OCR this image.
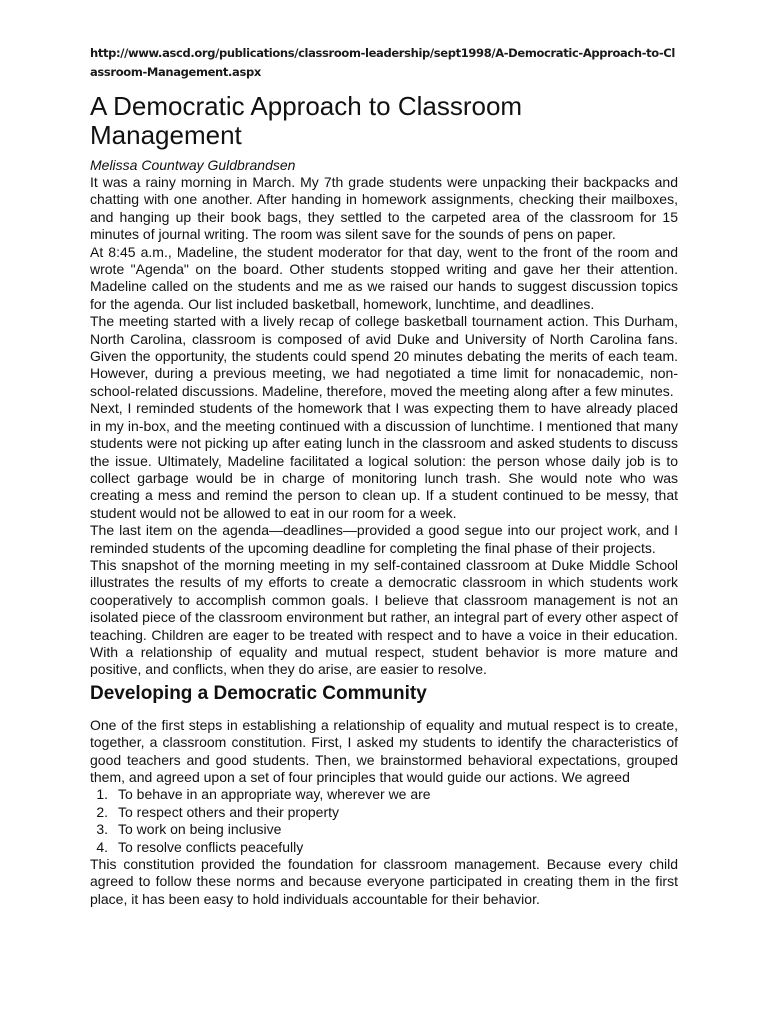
http://www.ascd.org/publications/classroom-leadership/sept1998/A-Democratic-Approach-to-Classroom-Management.aspx

A Democratic Approach to Classroom Management

Melissa Countway Guldbrandsen

It was a rainy morning in March. My 7th grade students were unpacking their backpacks and chatting with one another. After handing in homework assignments, checking their mailboxes, and hanging up their book bags, they settled to the carpeted area of the classroom for 15 minutes of journal writing. The room was silent save for the sounds of pens on paper.

At 8:45 a.m., Madeline, the student moderator for that day, went to the front of the room and wrote "Agenda" on the board. Other students stopped writing and gave her their attention. Madeline called on the students and me as we raised our hands to suggest discussion topics for the agenda. Our list included basketball, homework, lunchtime, and deadlines.

The meeting started with a lively recap of college basketball tournament action. This Durham, North Carolina, classroom is composed of avid Duke and University of North Carolina fans. Given the opportunity, the students could spend 20 minutes debating the merits of each team. However, during a previous meeting, we had negotiated a time limit for nonacademic, non-school-related discussions. Madeline, therefore, moved the meeting along after a few minutes.

Next, I reminded students of the homework that I was expecting them to have already placed in my in-box, and the meeting continued with a discussion of lunchtime. I mentioned that many students were not picking up after eating lunch in the classroom and asked students to discuss the issue. Ultimately, Madeline facilitated a logical solution: the person whose daily job is to collect garbage would be in charge of monitoring lunch trash. She would note who was creating a mess and remind the person to clean up. If a student continued to be messy, that student would not be allowed to eat in our room for a week.

The last item on the agenda—deadlines—provided a good segue into our project work, and I reminded students of the upcoming deadline for completing the final phase of their projects.

This snapshot of the morning meeting in my self-contained classroom at Duke Middle School illustrates the results of my efforts to create a democratic classroom in which students work cooperatively to accomplish common goals. I believe that classroom management is not an isolated piece of the classroom environment but rather, an integral part of every other aspect of teaching. Children are eager to be treated with respect and to have a voice in their education. With a relationship of equality and mutual respect, student behavior is more mature and positive, and conflicts, when they do arise, are easier to resolve.

Developing a Democratic Community

One of the first steps in establishing a relationship of equality and mutual respect is to create, together, a classroom constitution. First, I asked my students to identify the characteristics of good teachers and good students. Then, we brainstormed behavioral expectations, grouped them, and agreed upon a set of four principles that would guide our actions. We agreed

1. To behave in an appropriate way, wherever we are
2. To respect others and their property
3. To work on being inclusive
4. To resolve conflicts peacefully

This constitution provided the foundation for classroom management. Because every child agreed to follow these norms and because everyone participated in creating them in the first place, it has been easy to hold individuals accountable for their behavior.
